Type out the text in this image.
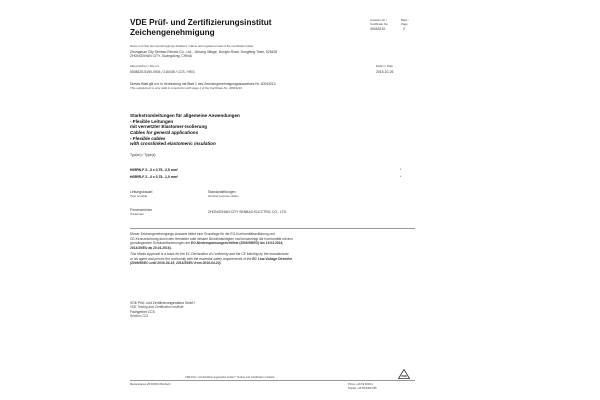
VDE Prüf- und Zertifizierungsinstitut
Zeichengenehmigung
Ausweis-Nr. /
Certificate No.
40043210
Blatt /
Page
2
Name und Sitz des Genehmigungs-Inhabers / Name and registered seat of the Certificate holder
Zhongshan City Senbao Electric Co., Ltd., Jichang Village, Dongfu Road, Dongfeng Town, 528425
ZHONGSHAN CITY, Guangdong, CHINA
Aktenzeichen / File ref.
5008425-5150-0004 / 216438 / CCS / HEG
Datum / Date
2015-10-26
Dieses Blatt gilt nur in Verbindung mit Blatt 1 des Zeichengenehmigungsausweises Nr. 40043210
This supplement is only valid in conjunction with page 1 of the Certificate No. 40043210.
Starkstromleitungen für allgemeine Anwendungen
- Flexible Leitungen
mit vernetzter Elastomer-Isolierung
Cables for general applications
- Flexible cables
with crosslinked elastomeric insulation
Typ(en) / Type(s)
H05RN-F 2...3 x 0,75...2,5 mm²	*
H05RR-F 2...3 x 0,75...1,0 mm²	*
Leitungsbauart
Type of cable
Standardleitungen
General purpose cables
Firmenzeichen
Trademark	ZHONGSHAN CITY SENBAO ELECTRIC CO., LTD.
Dieser Zeichengenehmigungs-Ausweis bildet eine Grundlage für die EG-Konformitätserklärung und
CE-Kennzeichnung durch den Hersteller oder dessen Bevollmächtigten und bescheinigt die Konformität mit den
grundlegenden Schutzanforderungen der EG-Niederspannungsrichtlinie (2006/95/EG) bis 19.04.2016,
2014/35/EU ab 20.04.2016).
This Marks Approval is a basis for the EC Declaration of Conformity and the CE Marking by the manufacturer
or his agent and proves the conformity with the essential safety requirements of the EC Low-Voltage Directive
(2006/95/EC until 2016-04-19, 2014/35/EU from 2016-04-20).
VDE Prüf- und Zertifizierungsinstitut GmbH
VDE Testing and Certification Institute
Fachgebiet CCS
Section CCS
VDE
VDE Prüf- und Zertifizierungsinstitut GmbH * Testing and Certification Institute
Merianstrasse 28 63069 Offenbach	Phone +49 69 8306-0
Telefax +49 69 8306-555
